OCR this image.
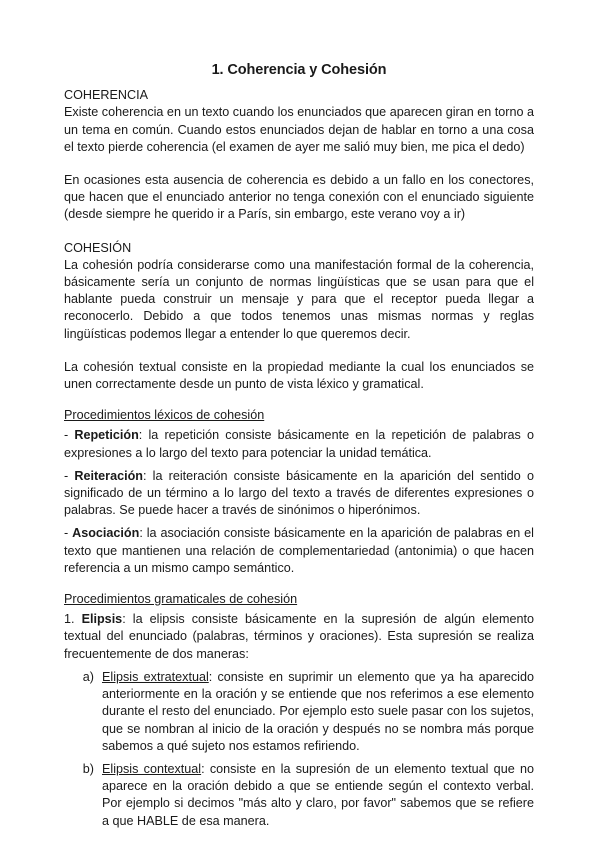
1. Coherencia y Cohesión
COHERENCIA

Existe coherencia en un texto cuando los enunciados que aparecen giran en torno a un tema en común. Cuando estos enunciados dejan de hablar en torno a una cosa el texto pierde coherencia (el examen de ayer me salió muy bien, me pica el dedo)

En ocasiones esta ausencia de coherencia es debido a un fallo en los conectores, que hacen que el enunciado anterior no tenga conexión con el enunciado siguiente (desde siempre he querido ir a París, sin embargo, este verano voy a ir)

COHESIÓN

La cohesión podría considerarse como una manifestación formal de la coherencia, básicamente sería un conjunto de normas lingüísticas que se usan para que el hablante pueda construir un mensaje y para que el receptor pueda llegar a reconocerlo. Debido a que todos tenemos unas mismas normas y reglas lingüísticas podemos llegar a entender lo que queremos decir.

La cohesión textual consiste en la propiedad mediante la cual los enunciados se unen correctamente desde un punto de vista léxico y gramatical.

Procedimientos léxicos de cohesión
- Repetición: la repetición consiste básicamente en la repetición de palabras o expresiones a lo largo del texto para potenciar la unidad temática.
- Reiteración: la reiteración consiste básicamente en la aparición del sentido o significado de un término a lo largo del texto a través de diferentes expresiones o palabras. Se puede hacer a través de sinónimos o hiperónimos.
- Asociación: la asociación consiste básicamente en la aparición de palabras en el texto que mantienen una relación de complementariedad (antonimia) o que hacen referencia a un mismo campo semántico.
Procedimientos gramaticales de cohesión
1. Elipsis: la elipsis consiste básicamente en la supresión de algún elemento textual del enunciado (palabras, términos y oraciones). Esta supresión se realiza frecuentemente de dos maneras:
a) Elipsis extratextual: consiste en suprimir un elemento que ya ha aparecido anteriormente en la oración y se entiende que nos referimos a ese elemento durante el resto del enunciado. Por ejemplo esto suele pasar con los sujetos, que se nombran al inicio de la oración y después no se nombra más porque sabemos a qué sujeto nos estamos refiriendo.
b) Elipsis contextual: consiste en la supresión de un elemento textual que no aparece en la oración debido a que se entiende según el contexto verbal. Por ejemplo si decimos "más alto y claro, por favor" sabemos que se refiere a que HABLE de esa manera.
